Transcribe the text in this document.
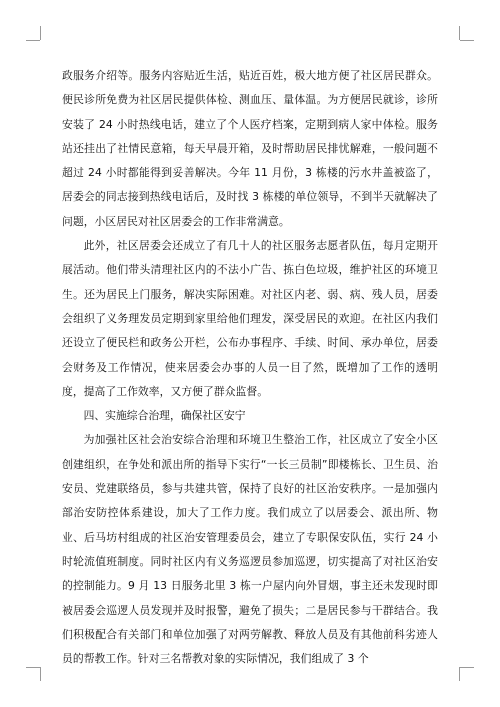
政服务介绍等。服务内容贴近生活，贴近百姓，极大地方便了社区居民群众。便民诊所免费为社区居民提供体检、测血压、量体温。为方便居民就诊，诊所安装了 24 小时热线电话，建立了个人医疗档案，定期到病人家中体检。服务站还挂出了社情民意箱，每天早晨开箱，及时帮助居民排忧解难，一般问题不超过 24 小时都能得到妥善解决。今年 11 月份，3 栋楼的污水井盖被盗了，居委会的同志接到热线电话后，及时找 3 栋楼的单位领导，不到半天就解决了问题，小区居民对社区居委会的工作非常满意。

此外，社区居委会还成立了有几十人的社区服务志愿者队伍，每月定期开展活动。他们带头清理社区内的不法小广告、拣白色垃圾，维护社区的环境卫生。还为居民上门服务，解决实际困难。对社区内老、弱、病、残人员，居委会组织了义务理发员定期到家里给他们理发，深受居民的欢迎。在社区内我们还设立了便民栏和政务公开栏，公布办事程序、手续、时间、承办单位，居委会财务及工作情况，使来居委会办事的人员一目了然，既增加了工作的透明度，提高了工作效率，又方便了群众监督。

四、实施综合治理，确保社区安宁

为加强社区社会治安综合治理和环境卫生整治工作，社区成立了安全小区创建组织，在争处和派出所的指导下实行“一长三员制”即楼栋长、卫生员、治安员、党建联络员，参与共建共管，保持了良好的社区治安秩序。一是加强内部治安防控体系建设，加大了工作力度。我们成立了以居委会、派出所、物业、后马坊村组成的社区治安管理委员会，建立了专职保安队伍，实行 24 小时轮流值班制度。同时社区内有义务巡逻员参加巡逻，切实提高了对社区治安的控制能力。9 月 13 日服务北里 3 栋一户屋内向外冒烟，事主还未发现时即被居委会巡逻人员发现并及时报警，避免了损失；二是居民参与干群结合。我们积极配合有关部门和单位加强了对两劳解教、释放人员及有其他前科劣迹人员的帮教工作。针对三名帮教对象的实际情况，我们组成了 3 个
